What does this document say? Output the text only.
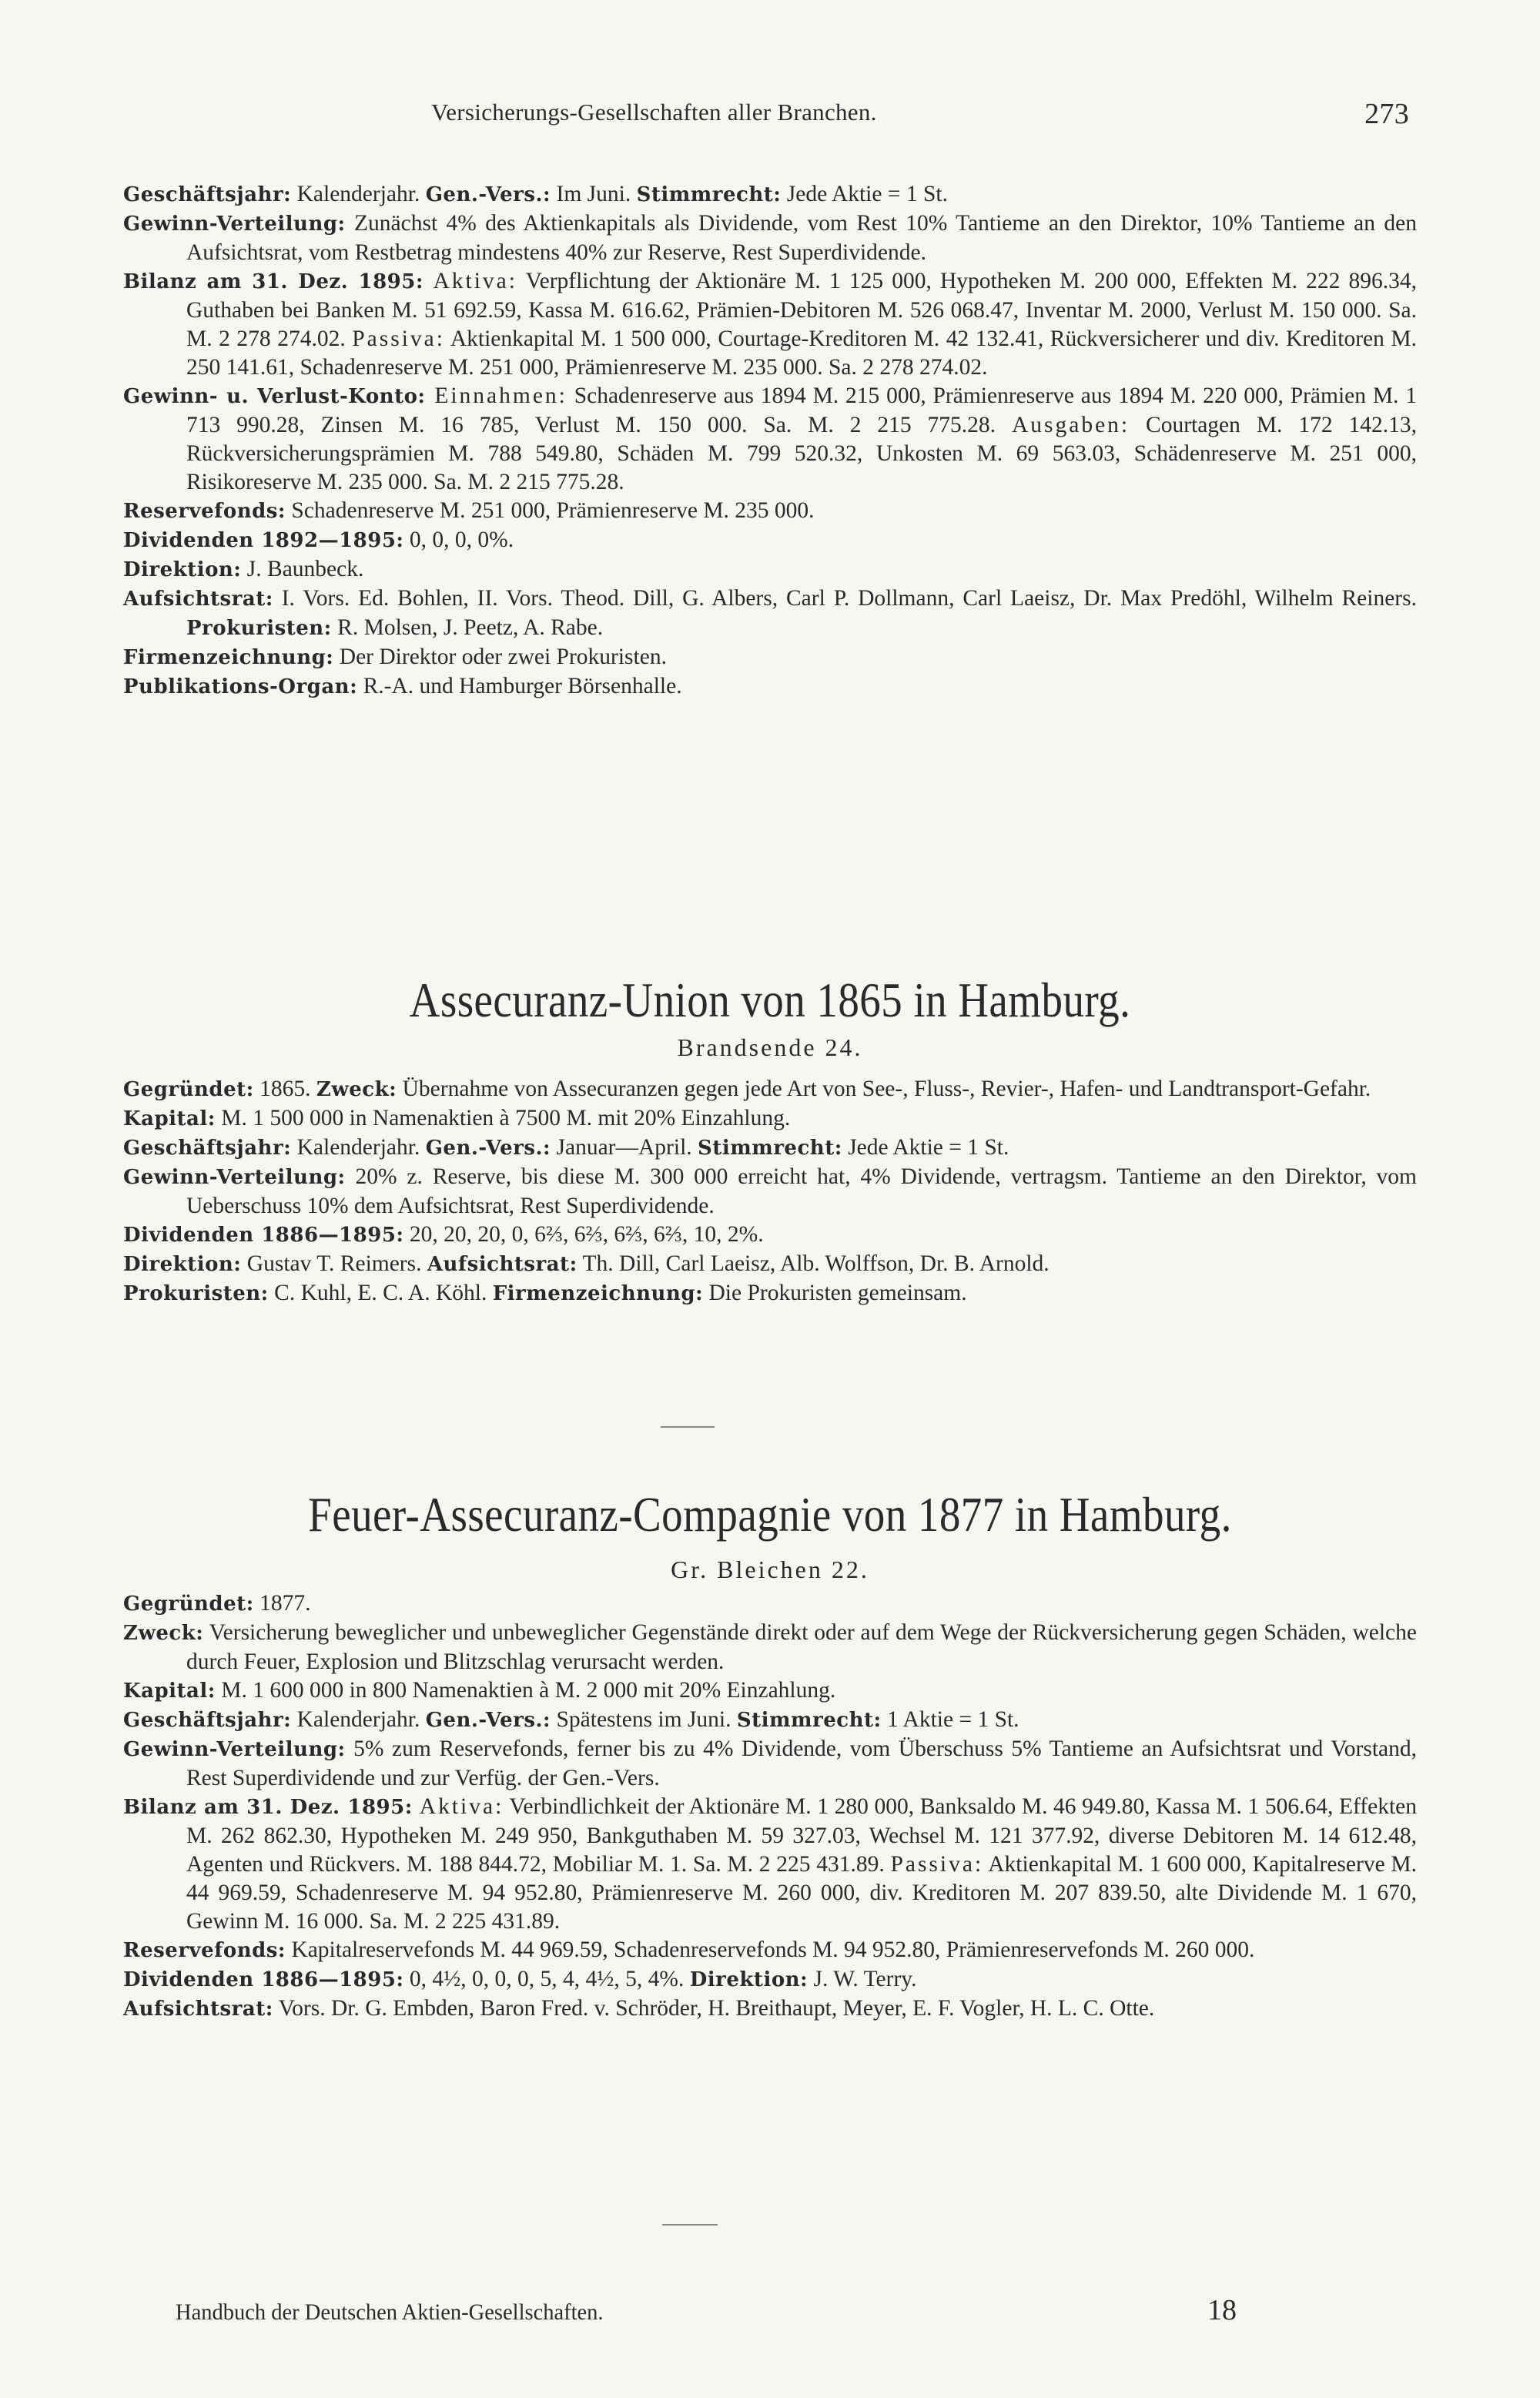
Versicherungs-Gesellschaften aller Branchen.	273

Geschäftsjahr: Kalenderjahr. Gen.-Vers.: Im Juni. Stimmrecht: Jede Aktie = 1 St.

Gewinn-Verteilung: Zunächst 4% des Aktienkapitals als Dividende, vom Rest 10% Tantieme an den Direktor, 10% Tantieme an den Aufsichtsrat, vom Restbetrag mindestens 40% zur Reserve, Rest Superdividende.

Bilanz am 31. Dez. 1895: Aktiva: Verpflichtung der Aktionäre M. 1 125 000, Hypotheken M. 200 000, Effekten M. 222 896.34, Guthaben bei Banken M. 51 692.59, Kassa M. 616.62, Prämien-Debitoren M. 526 068.47, Inventar M. 2000, Verlust M. 150 000. Sa. M. 2 278 274.02. Passiva: Aktienkapital M. 1 500 000, Courtage-Kreditoren M. 42 132.41, Rückversicherer und div. Kreditoren M. 250 141.61, Schadenreserve M. 251 000, Prämienreserve M. 235 000. Sa. 2 278 274.02.

Gewinn- u. Verlust-Konto: Einnahmen: Schadenreserve aus 1894 M. 215 000, Prämienreserve aus 1894 M. 220 000, Prämien M. 1 713 990.28, Zinsen M. 16 785, Verlust M. 150 000. Sa. M. 2 215 775.28. Ausgaben: Courtagen M. 172 142.13, Rückversicherungsprämien M. 788 549.80, Schäden M. 799 520.32, Unkosten M. 69 563.03, Schädenreserve M. 251 000, Risikoreserve M. 235 000. Sa. M. 2 215 775.28.

Reservefonds: Schadenreserve M. 251 000, Prämienreserve M. 235 000.

Dividenden 1892—1895: 0, 0, 0, 0%.

Direktion: J. Baunbeck.

Aufsichtsrat: I. Vors. Ed. Bohlen, II. Vors. Theod. Dill, G. Albers, Carl P. Dollmann, Carl Laeisz, Dr. Max Predöhl, Wilhelm Reiners. Prokuristen: R. Molsen, J. Peetz, A. Rabe.

Firmenzeichnung: Der Direktor oder zwei Prokuristen.

Publikations-Organ: R.-A. und Hamburger Börsenhalle.

Assecuranz-Union von 1865 in Hamburg.
Brandsende 24.

Gegründet: 1865. Zweck: Übernahme von Assecuranzen gegen jede Art von See-, Fluss-, Revier-, Hafen- und Landtransport-Gefahr.

Kapital: M. 1 500 000 in Namenaktien à 7500 M. mit 20% Einzahlung.

Geschäftsjahr: Kalenderjahr. Gen.-Vers.: Januar—April. Stimmrecht: Jede Aktie = 1 St.

Gewinn-Verteilung: 20% z. Reserve, bis diese M. 300 000 erreicht hat, 4% Dividende, vertragsm. Tantieme an den Direktor, vom Ueberschuss 10% dem Aufsichtsrat, Rest Superdividende.

Dividenden 1886—1895: 20, 20, 20, 0, 6⅔, 6⅔, 6⅔, 6⅔, 10, 2%.

Direktion: Gustav T. Reimers. Aufsichtsrat: Th. Dill, Carl Laeisz, Alb. Wolffson, Dr. B. Arnold.

Prokuristen: C. Kuhl, E. C. A. Köhl. Firmenzeichnung: Die Prokuristen gemeinsam.

Feuer-Assecuranz-Compagnie von 1877 in Hamburg.
Gr. Bleichen 22.

Gegründet: 1877.

Zweck: Versicherung beweglicher und unbeweglicher Gegenstände direkt oder auf dem Wege der Rückversicherung gegen Schäden, welche durch Feuer, Explosion und Blitzschlag verursacht werden.

Kapital: M. 1 600 000 in 800 Namenaktien à M. 2 000 mit 20% Einzahlung.

Geschäftsjahr: Kalenderjahr. Gen.-Vers.: Spätestens im Juni. Stimmrecht: 1 Aktie = 1 St.

Gewinn-Verteilung: 5% zum Reservefonds, ferner bis zu 4% Dividende, vom Überschuss 5% Tantieme an Aufsichtsrat und Vorstand, Rest Superdividende und zur Verfüg. der Gen.-Vers.

Bilanz am 31. Dez. 1895: Aktiva: Verbindlichkeit der Aktionäre M. 1 280 000, Banksaldo M. 46 949.80, Kassa M. 1 506.64, Effekten M. 262 862.30, Hypotheken M. 249 950, Bankguthaben M. 59 327.03, Wechsel M. 121 377.92, diverse Debitoren M. 14 612.48, Agenten und Rückvers. M. 188 844.72, Mobiliar M. 1. Sa. M. 2 225 431.89. Passiva: Aktienkapital M. 1 600 000, Kapitalreserve M. 44 969.59, Schadenreserve M. 94 952.80, Prämienreserve M. 260 000, div. Kreditoren M. 207 839.50, alte Dividende M. 1 670, Gewinn M. 16 000. Sa. M. 2 225 431.89.

Reservefonds: Kapitalreservefonds M. 44 969.59, Schadenreservefonds M. 94 952.80, Prämienreservefonds M. 260 000.

Dividenden 1886—1895: 0, 4½, 0, 0, 0, 5, 4, 4½, 5, 4%. Direktion: J. W. Terry.

Aufsichtsrat: Vors. Dr. G. Embden, Baron Fred. v. Schröder, H. Breithaupt, Meyer, E. F. Vogler, H. L. C. Otte.

Handbuch der Deutschen Aktien-Gesellschaften.	18
